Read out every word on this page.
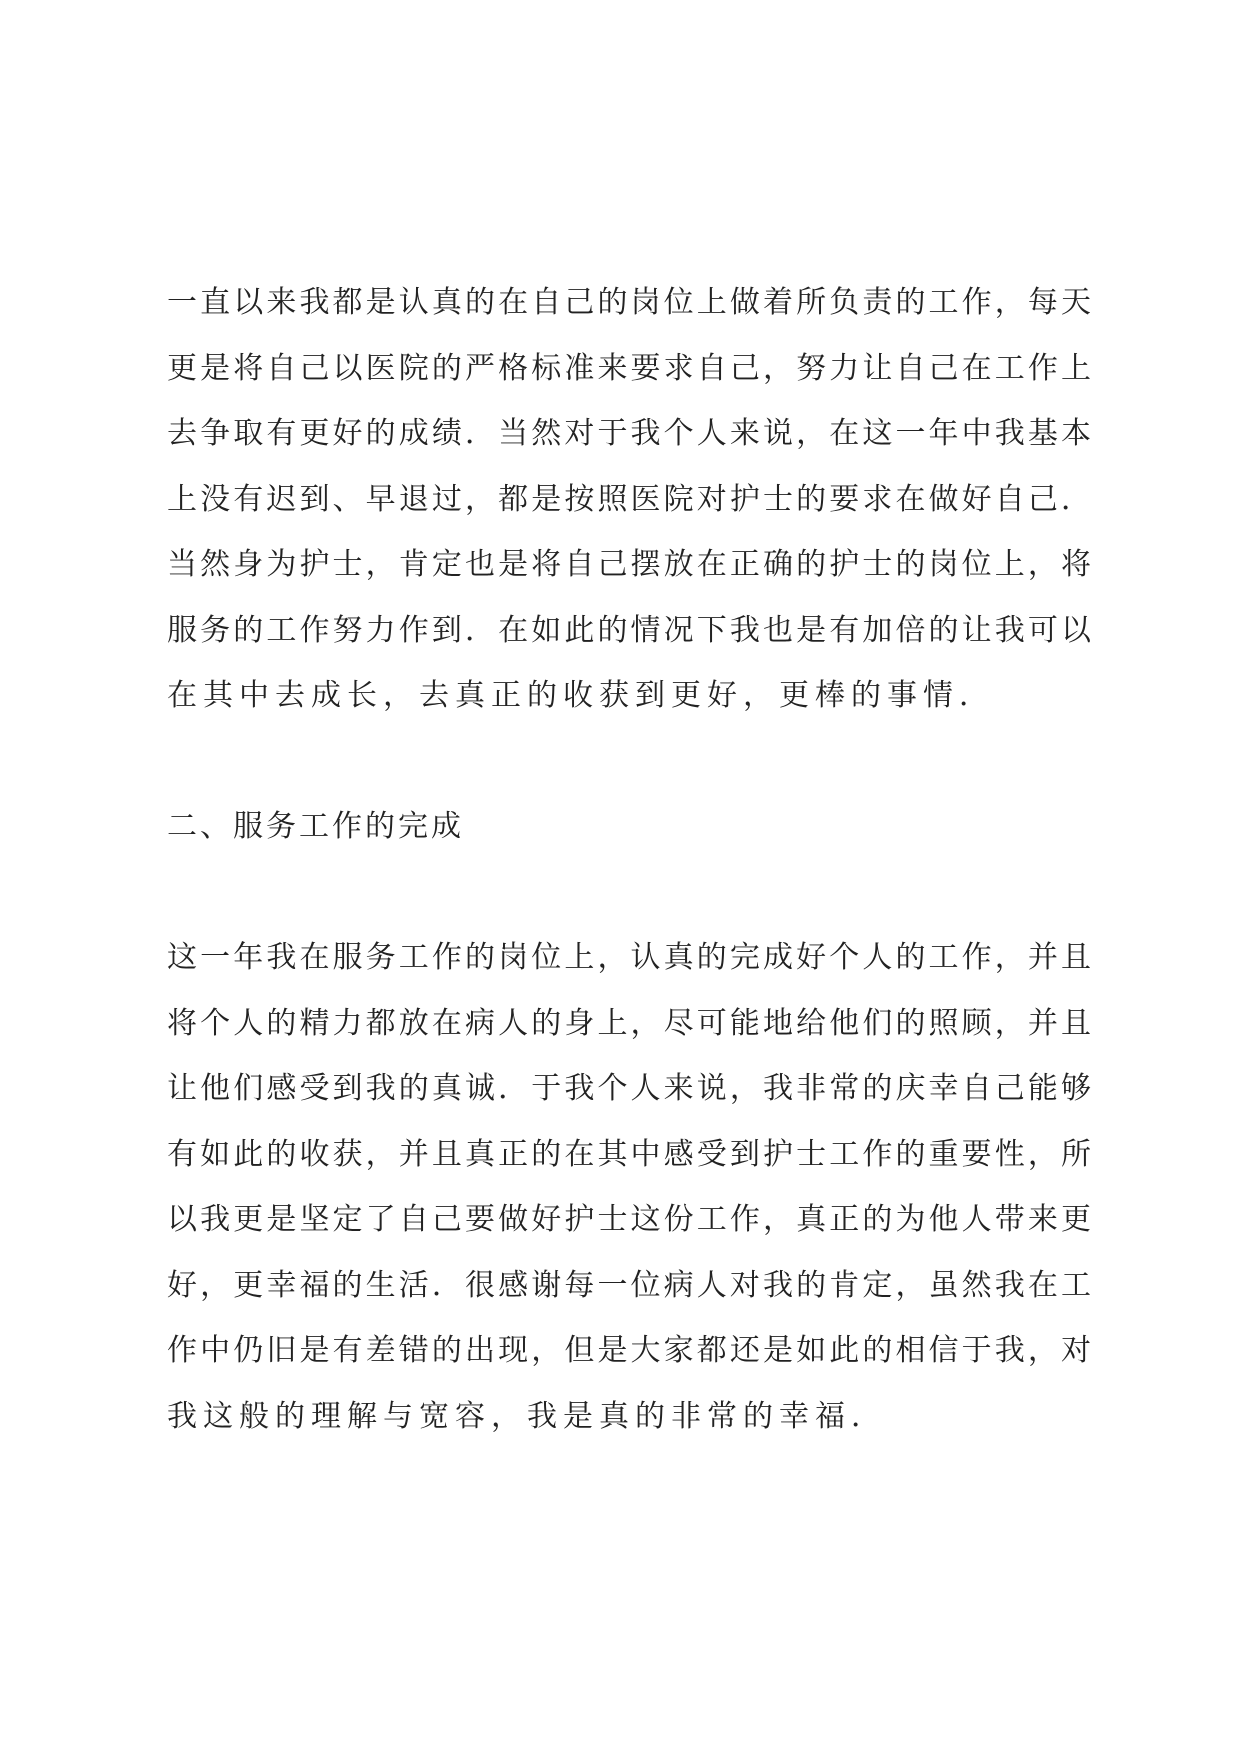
一直以来我都是认真的在自己的岗位上做着所负责的工作，每天
更是将自己以医院的严格标准来要求自己，努力让自己在工作上
去争取有更好的成绩．当然对于我个人来说，在这一年中我基本
上没有迟到、早退过，都是按照医院对护士的要求在做好自己．
当然身为护士，肯定也是将自己摆放在正确的护士的岗位上，将
服务的工作努力作到．在如此的情况下我也是有加倍的让我可以
在其中去成长，去真正的收获到更好，更棒的事情．
二、服务工作的完成
这一年我在服务工作的岗位上，认真的完成好个人的工作，并且
将个人的精力都放在病人的身上，尽可能地给他们的照顾，并且
让他们感受到我的真诚．于我个人来说，我非常的庆幸自己能够
有如此的收获，并且真正的在其中感受到护士工作的重要性，所
以我更是坚定了自己要做好护士这份工作，真正的为他人带来更
好，更幸福的生活．很感谢每一位病人对我的肯定，虽然我在工
作中仍旧是有差错的出现，但是大家都还是如此的相信于我，对
我这般的理解与宽容，我是真的非常的幸福．
